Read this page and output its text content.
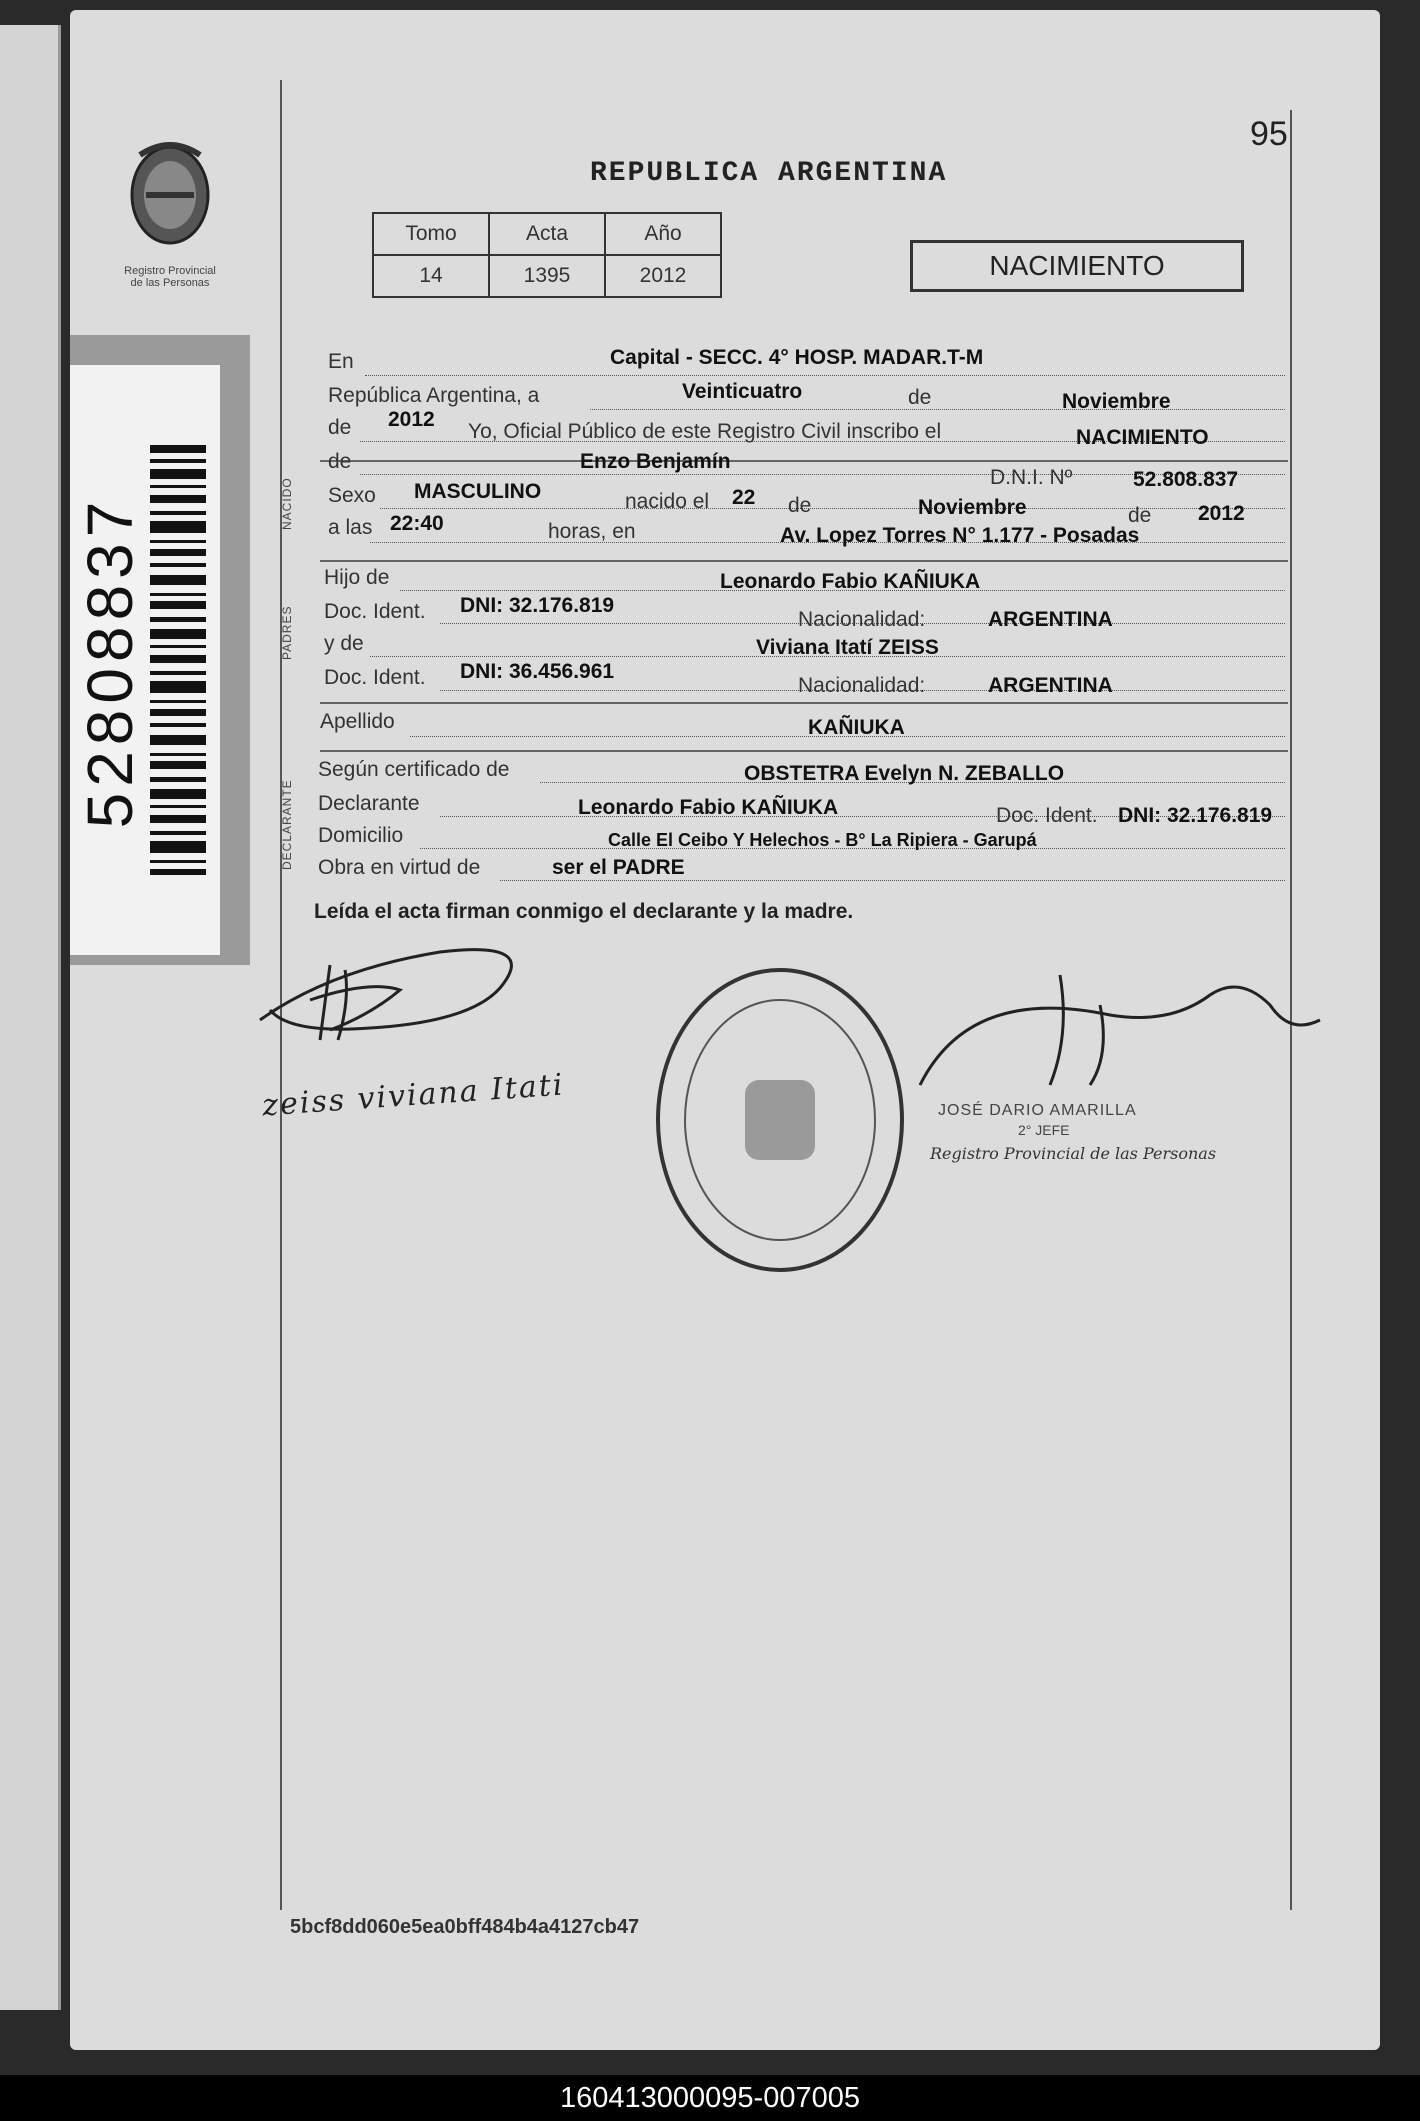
Registro Provincial
de las Personas
52808837
95
REPUBLICA ARGENTINA
Tomo	Acta	Año
14	1395	2012	NACIMIENTO
En	Capital - SECC. 4° HOSP. MADAR.T-M
República Argentina, a	Veinticuatro	de	Noviembre
de 2012
Yo, Oficial Público de este Registro Civil inscribo el	NACIMIENTO
NACIDO
de	Enzo Benjamín
D.N.I. Nº	52.808.837
Sexo MASCULINO	nacido el 22 de	Noviembre	de 2012
a las 22:40	horas, en	Av. Lopez Torres N° 1.177 - Posadas
PADRES
Hijo de	Leonardo Fabio KAÑIUKA
Doc. Ident. DNI: 32.176.819
Nacionalidad:	ARGENTINA
y de	Viviana Itatí ZEISS
Doc. Ident. DNI: 36.456.961
Nacionalidad:	ARGENTINA
Apellido	KAÑIUKA
DECLARANTE
Según certificado de	OBSTETRA Evelyn N. ZEBALLO
Declarante	Leonardo Fabio KAÑIUKA	Doc. Ident. DNI: 32.176.819
Domicilio	Calle El Ceibo Y Helechos - B° La Ripiera - Garupá
Obra en virtud de	ser el PADRE
Leída el acta firman conmigo el declarante y la madre.
zeiss viviana Itati	JOSÉ DARIO AMARILLA
2° JEFE
Registro Provincial de las Personas
5bcf8dd060e5ea0bff484b4a4127cb47
160413000095-007005
